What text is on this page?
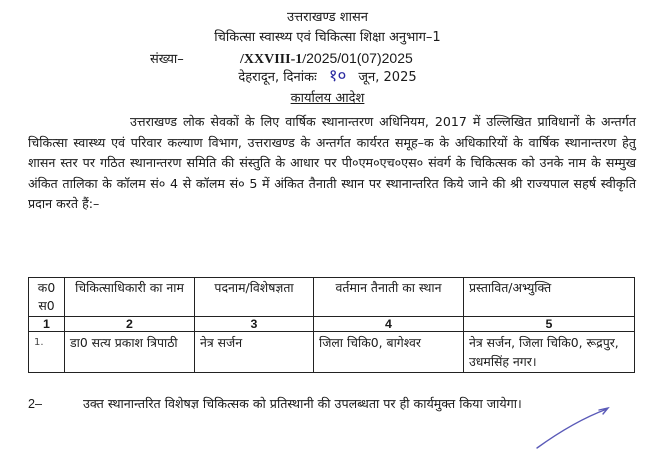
उत्तराखण्ड शासन
चिकित्सा स्वास्थ्य एवं चिकित्सा शिक्षा अनुभाग–1
संख्या–	/XXVIII-1/2025/01(07)2025
देहरादून, दिनांकः १० जून, 2025
कार्यालय आदेश
उत्तराखण्ड लोक सेवकों के लिए वार्षिक स्थानान्तरण अधिनियम, 2017 में उल्लिखित प्राविधानों के अन्तर्गत चिकित्सा स्वास्थ्य एवं परिवार कल्याण विभाग, उत्तराखण्ड के अन्तर्गत कार्यरत समूह–क के अधिकारियों के वार्षिक स्थानान्तरण हेतु शासन स्तर पर गठित स्थानान्तरण समिति की संस्तुति के आधार पर पी०एम०एच०एस० संवर्ग के चिकित्सक को उनके नाम के सम्मुख अंकित तालिका के कॉलम सं० 4 से कॉलम सं० 5 में अंकित तैनाती स्थान पर स्थानान्तरित किये जाने की श्री राज्यपाल सहर्ष स्वीकृति प्रदान करते हैं:–
क0 स0	चिकित्साधिकारी का नाम	पदनाम/विशेषज्ञता	वर्तमान तैनाती का स्थान	प्रस्तावित/अभ्युक्ति
1	2	3	4	5
1.	डा0 सत्य प्रकाश त्रिपाठी	नेत्र सर्जन	जिला चिकि0, बागेश्वर	नेत्र सर्जन, जिला चिकि0, रूद्रपुर, उधमसिंह नगर।
2–	उक्त स्थानान्तरित विशेषज्ञ चिकित्सक को प्रतिस्थानी की उपलब्धता पर ही कार्यमुक्त किया जायेगा।
